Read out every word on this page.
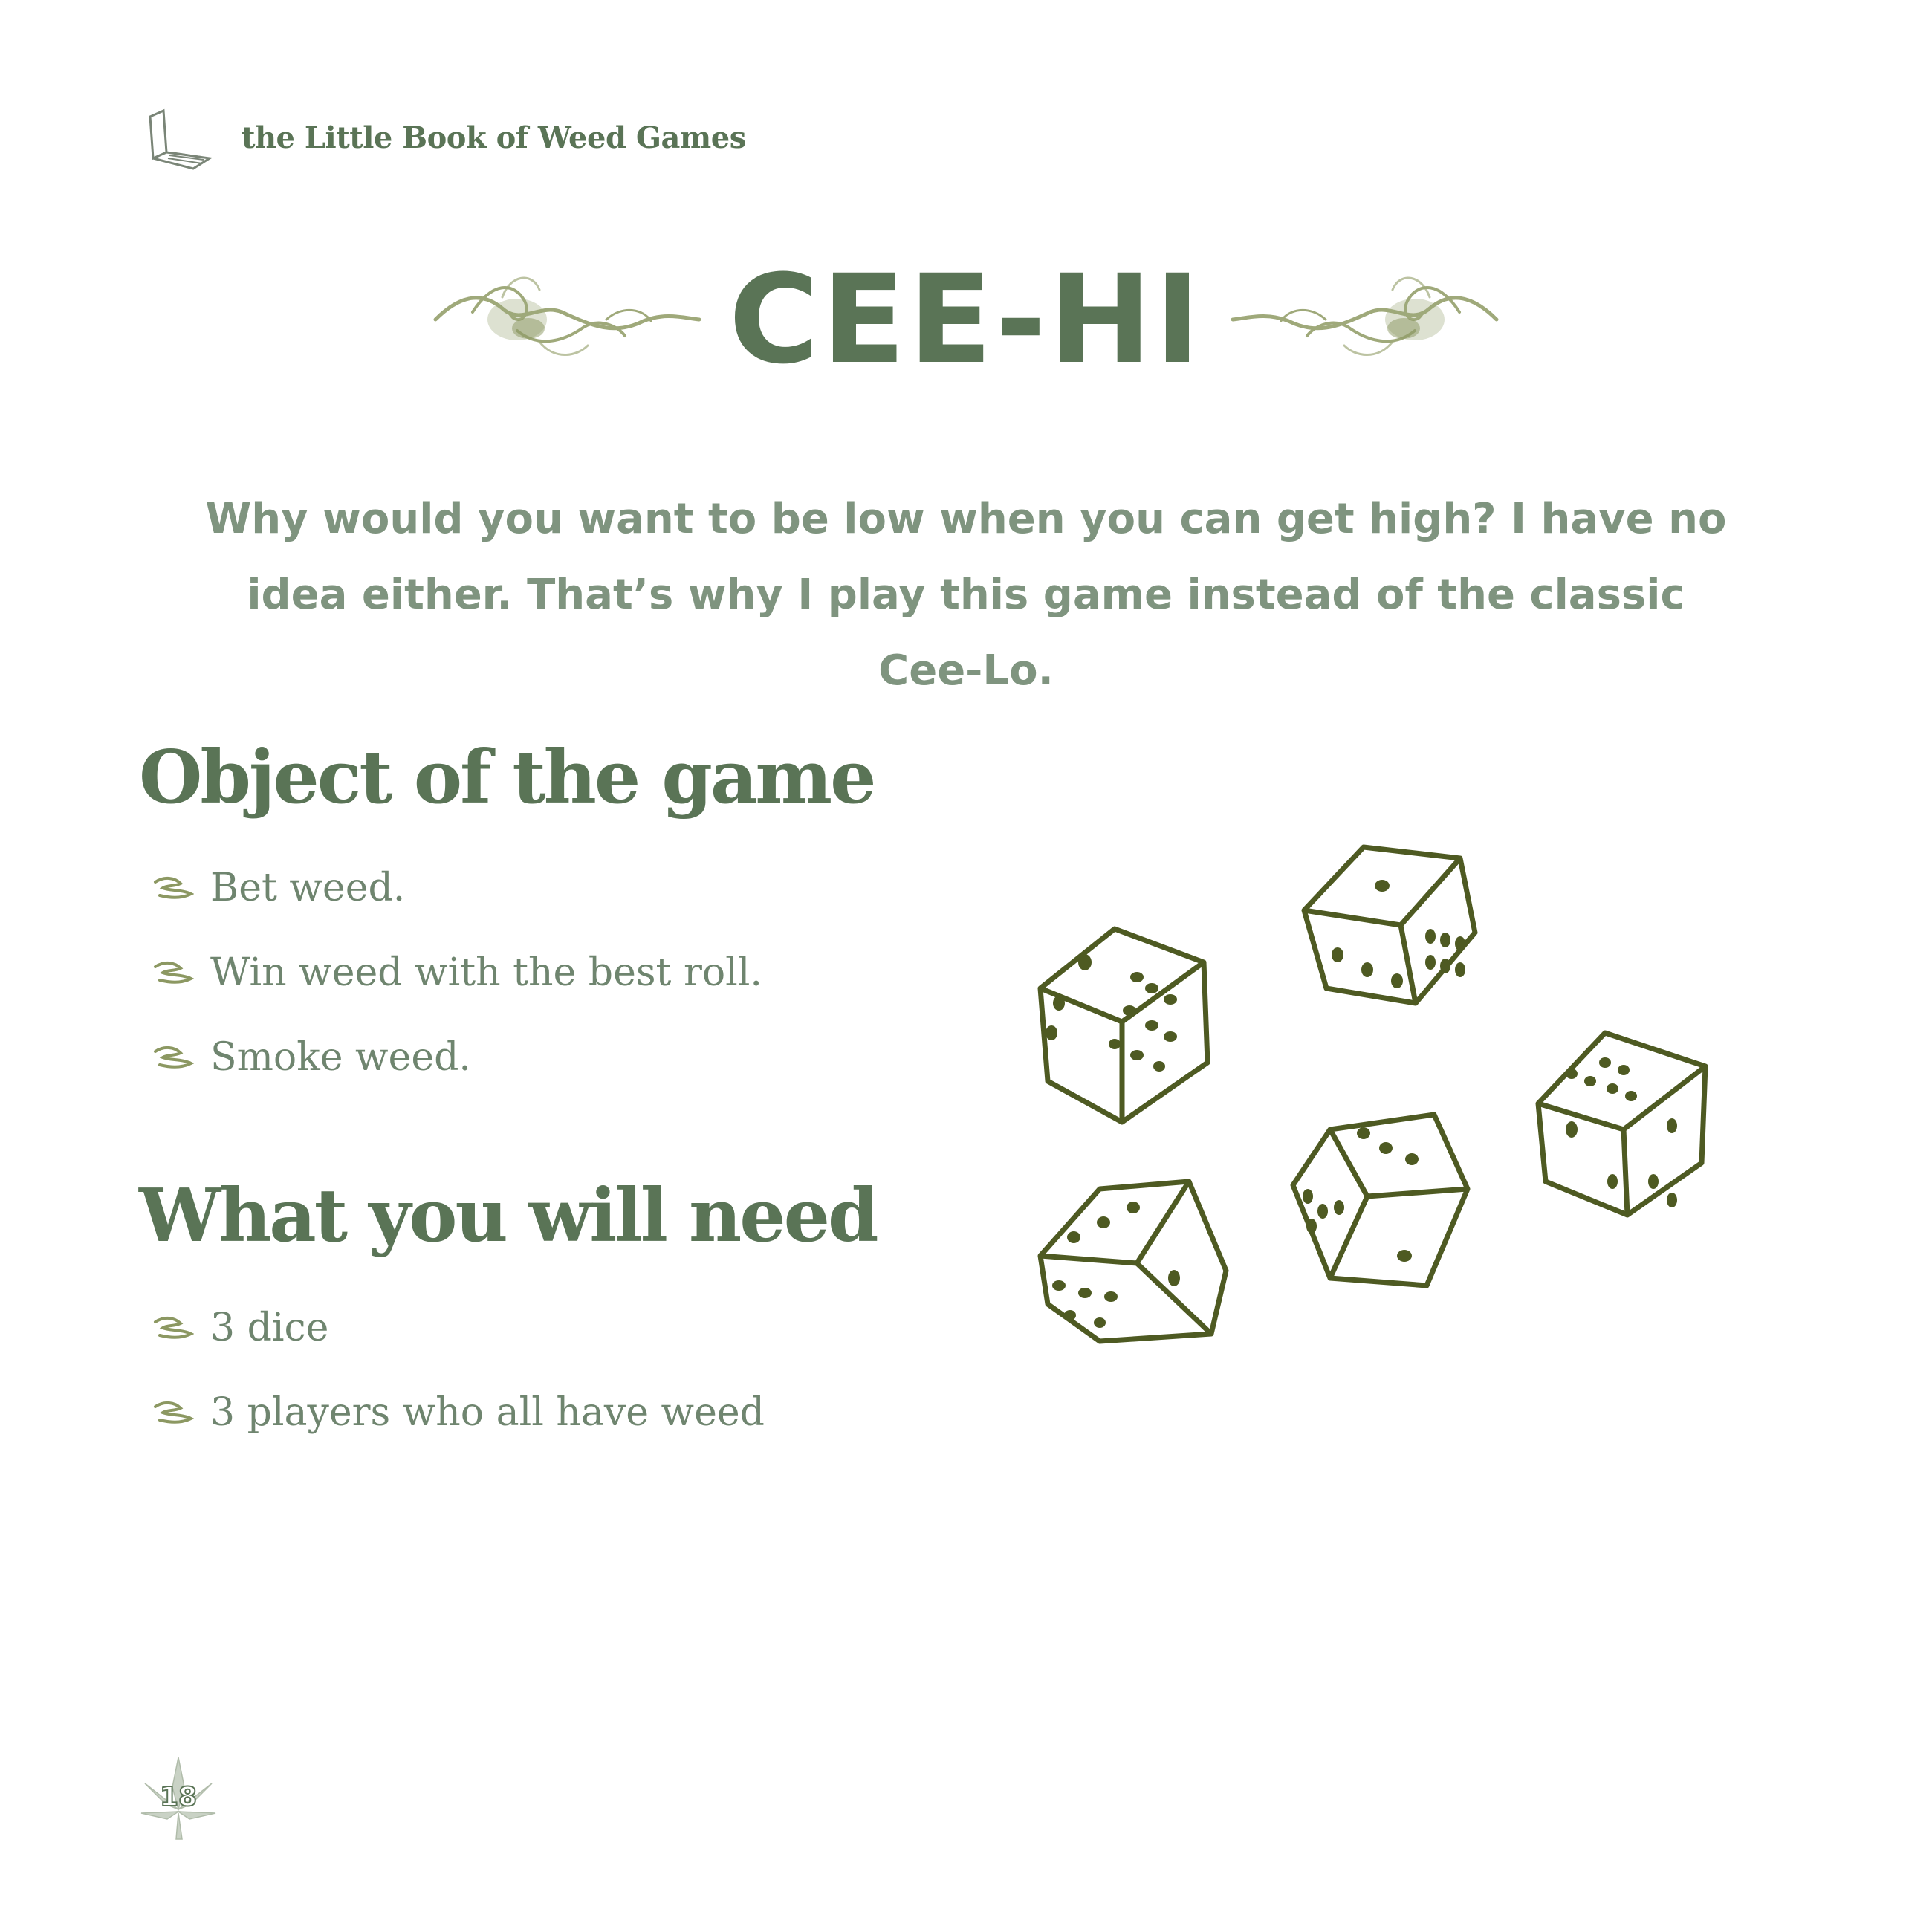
the Little Book of Weed Games
CEE-HI

Why would you want to be low when you can get high? I have no idea either. That’s why I play this game instead of the classic Cee-Lo.

Object of the game
Bet weed.
Win weed with the best roll.
Smoke weed.
What you will need
3 dice
3 players who all have weed
18
